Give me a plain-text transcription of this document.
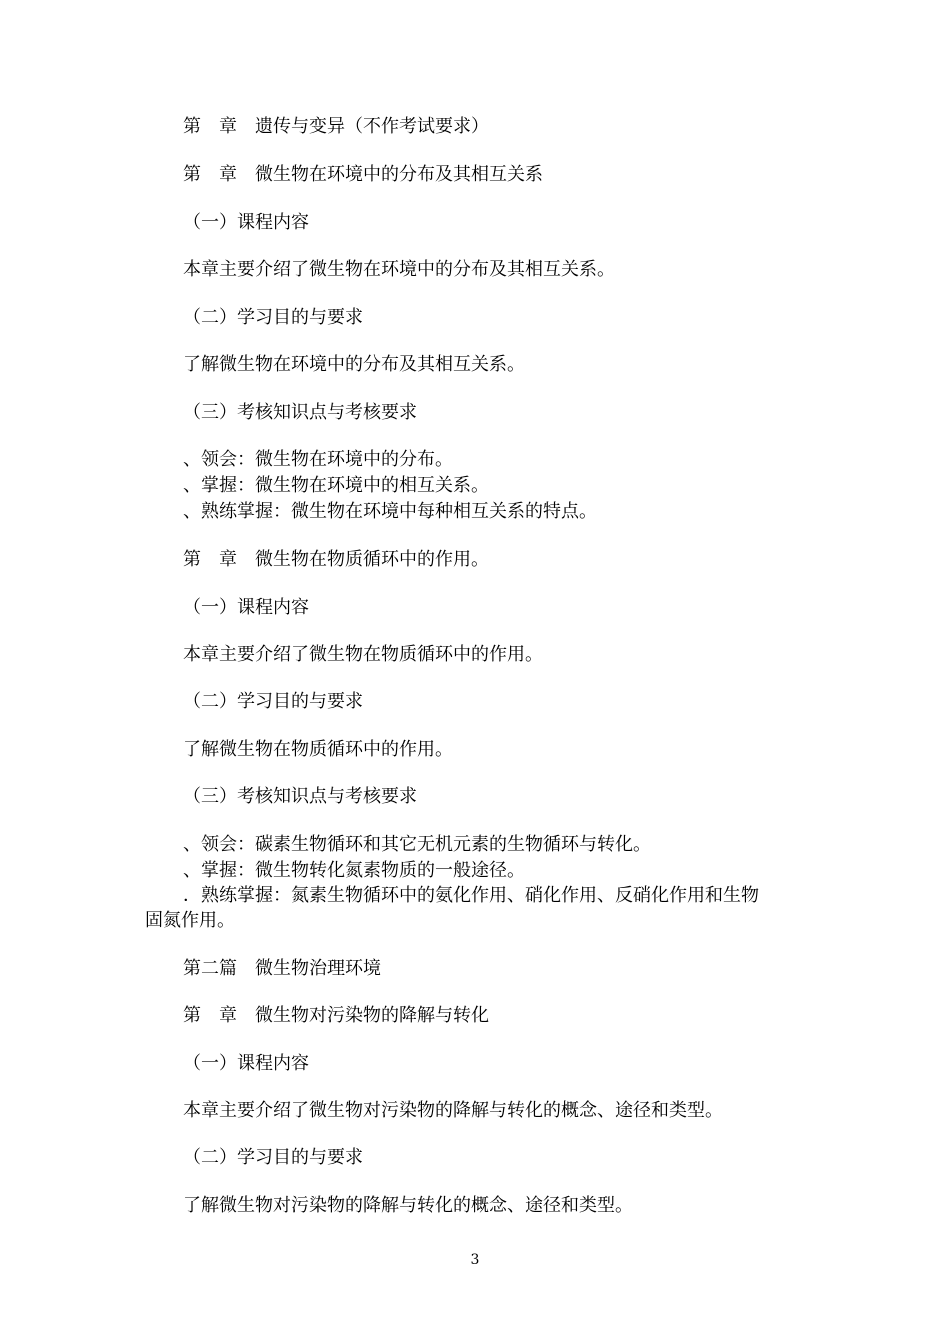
第　章　遗传与变异（不作考试要求）
第　章　微生物在环境中的分布及其相互关系
（一）课程内容
本章主要介绍了微生物在环境中的分布及其相互关系。
（二）学习目的与要求
了解微生物在环境中的分布及其相互关系。
（三）考核知识点与考核要求
、领会：微生物在环境中的分布。
、掌握：微生物在环境中的相互关系。
、熟练掌握：微生物在环境中每种相互关系的特点。
第　章　微生物在物质循环中的作用。
（一）课程内容
本章主要介绍了微生物在物质循环中的作用。
（二）学习目的与要求
了解微生物在物质循环中的作用。
（三）考核知识点与考核要求
、领会：碳素生物循环和其它无机元素的生物循环与转化。
、掌握：微生物转化氮素物质的一般途径。
．熟练掌握：氮素生物循环中的氨化作用、硝化作用、反硝化作用和生物
固氮作用。
第二篇　微生物治理环境
第　章　微生物对污染物的降解与转化
（一）课程内容
本章主要介绍了微生物对污染物的降解与转化的概念、途径和类型。
（二）学习目的与要求
了解微生物对污染物的降解与转化的概念、途径和类型。
3
